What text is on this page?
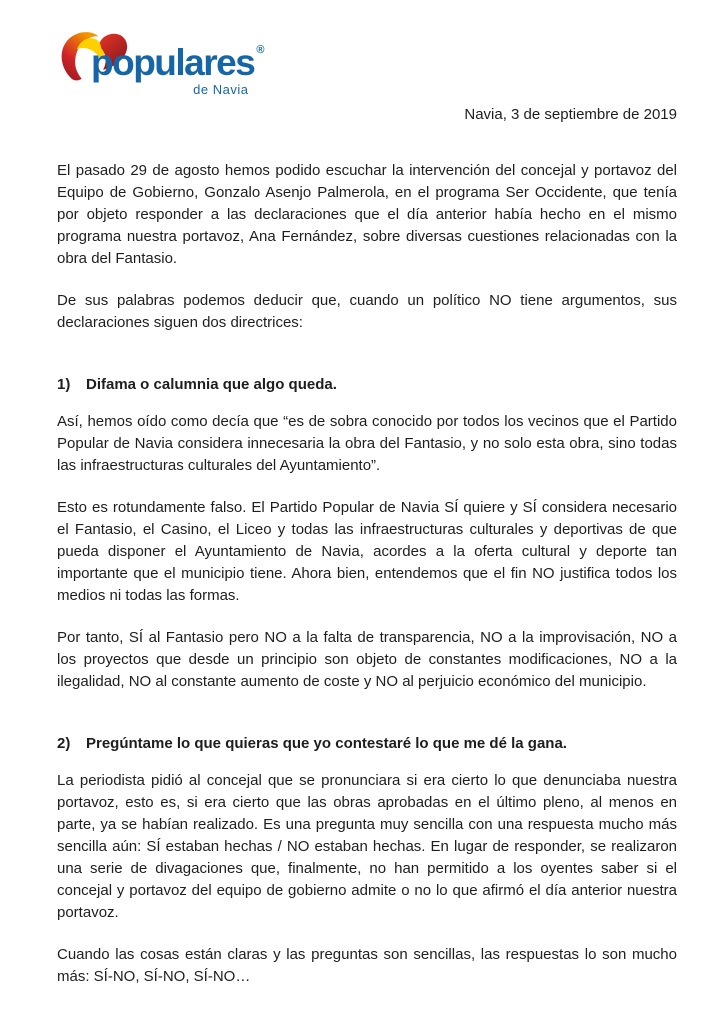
populares ®
de Navia
Navia, 3 de septiembre de 2019

El pasado 29 de agosto hemos podido escuchar la intervención del concejal y portavoz del Equipo de Gobierno, Gonzalo Asenjo Palmerola, en el programa Ser Occidente, que tenía por objeto responder a las declaraciones que el día anterior había hecho en el mismo programa nuestra portavoz, Ana Fernández, sobre diversas cuestiones relacionadas con la obra del Fantasio.

De sus palabras podemos deducir que, cuando un político NO tiene argumentos, sus declaraciones siguen dos directrices:

1)	Difama o calumnia que algo queda.

Así, hemos oído como decía que “es de sobra conocido por todos los vecinos que el Partido Popular de Navia considera innecesaria la obra del Fantasio, y no solo esta obra, sino todas las infraestructuras culturales del Ayuntamiento”.

Esto es rotundamente falso. El Partido Popular de Navia SÍ quiere y SÍ considera necesario el Fantasio, el Casino, el Liceo y todas las infraestructuras culturales y deportivas de que pueda disponer el Ayuntamiento de Navia, acordes a la oferta cultural y deporte tan importante que el municipio tiene. Ahora bien, entendemos que el fin NO justifica todos los medios ni todas las formas.

Por tanto, SÍ al Fantasio pero NO a la falta de transparencia, NO a la improvisación, NO a los proyectos que desde un principio son objeto de constantes modificaciones, NO a la ilegalidad, NO al constante aumento de coste y NO al perjuicio económico del municipio.

2)	Pregúntame lo que quieras que yo contestaré lo que me dé la gana.

La periodista pidió al concejal que se pronunciara si era cierto lo que denunciaba nuestra portavoz, esto es, si era cierto que las obras aprobadas en el último pleno, al menos en parte, ya se habían realizado. Es una pregunta muy sencilla con una respuesta mucho más sencilla aún: SÍ estaban hechas / NO estaban hechas. En lugar de responder, se realizaron una serie de divagaciones que, finalmente, no han permitido a los oyentes saber si el concejal y portavoz del equipo de gobierno admite o no lo que afirmó el día anterior nuestra portavoz.

Cuando las cosas están claras y las preguntas son sencillas, las respuestas lo son mucho más: SÍ-NO, SÍ-NO, SÍ-NO…
